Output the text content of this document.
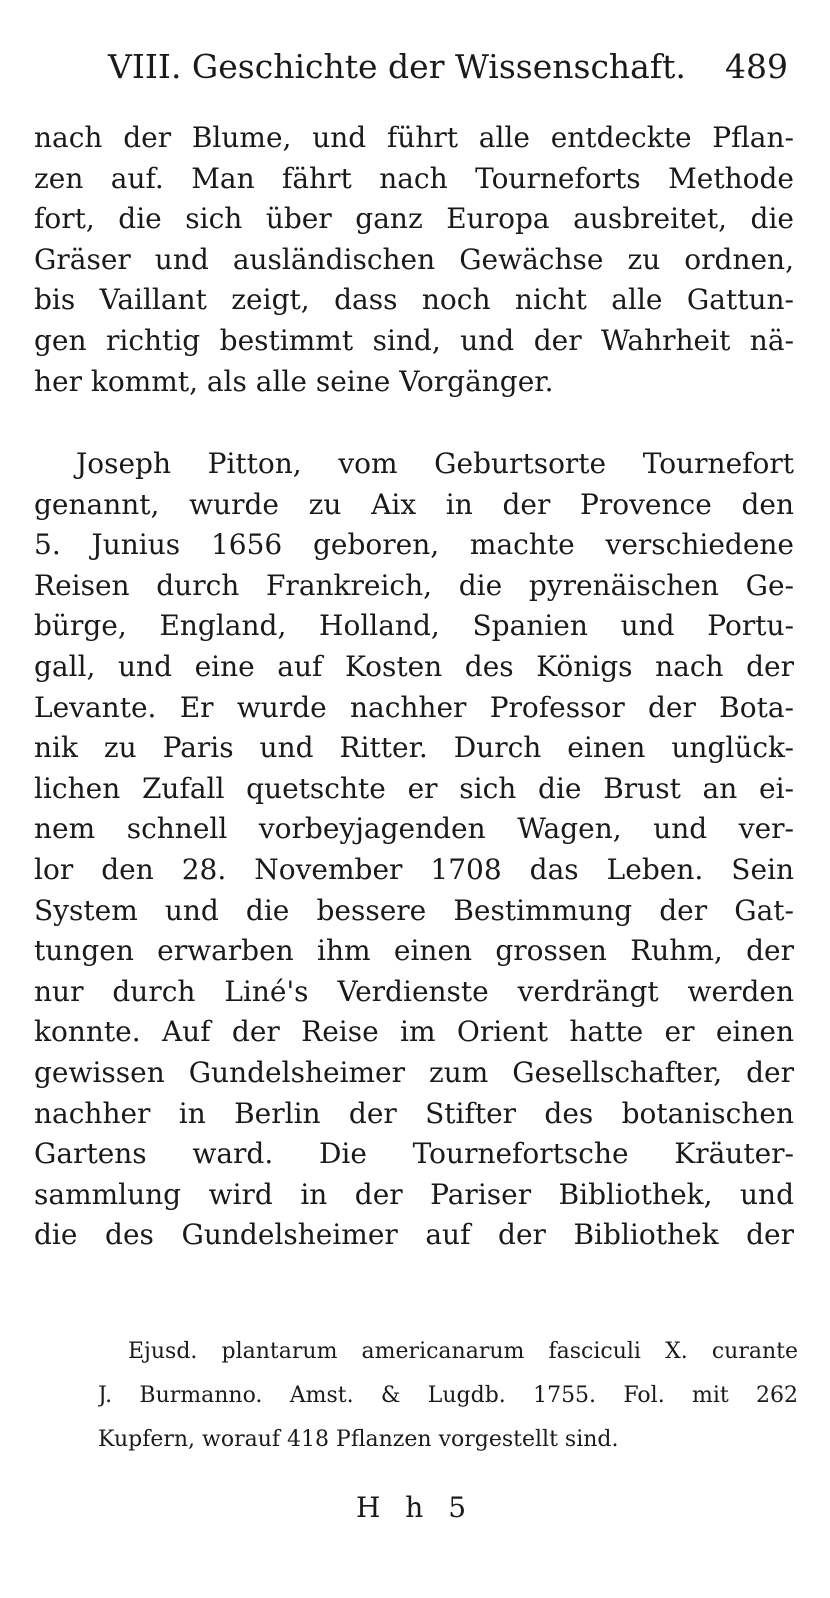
VIII. Geschichte der Wissenschaft. 489
nach der Blume, und führt alle entdeckte Pflan-
zen auf. Man fährt nach Tourneforts Methode
fort, die sich über ganz Europa ausbreitet, die
Gräser und ausländischen Gewächse zu ordnen,
bis Vaillant zeigt, dass noch nicht alle Gattun-
gen richtig bestimmt sind, und der Wahrheit nä-
her kommt, als alle seine Vorgänger.
Joseph Pitton, vom Geburtsorte Tournefort
genannt, wurde zu Aix in der Provence den
5. Junius 1656 geboren, machte verschiedene
Reisen durch Frankreich, die pyrenäischen Ge-
bürge, England, Holland, Spanien und Portu-
gall, und eine auf Kosten des Königs nach der
Levante. Er wurde nachher Professor der Bota-
nik zu Paris und Ritter. Durch einen unglück-
lichen Zufall quetschte er sich die Brust an ei-
nem schnell vorbeyjagenden Wagen, und ver-
lor den 28. November 1708 das Leben. Sein
System und die bessere Bestimmung der Gat-
tungen erwarben ihm einen grossen Ruhm, der
nur durch Liné's Verdienste verdrängt werden
konnte. Auf der Reise im Orient hatte er einen
gewissen Gundelsheimer zum Gesellschafter, der
nachher in Berlin der Stifter des botanischen
Gartens ward. Die Tournefortsche Kräuter-
sammlung wird in der Pariser Bibliothek, und
die des Gundelsheimer auf der Bibliothek der
Ejusd. plantarum americanarum fasciculi X. curante
J. Burmanno. Amst. & Lugdb. 1755. Fol. mit 262
Kupfern, worauf 418 Pflanzen vorgestellt sind.
H h 5
